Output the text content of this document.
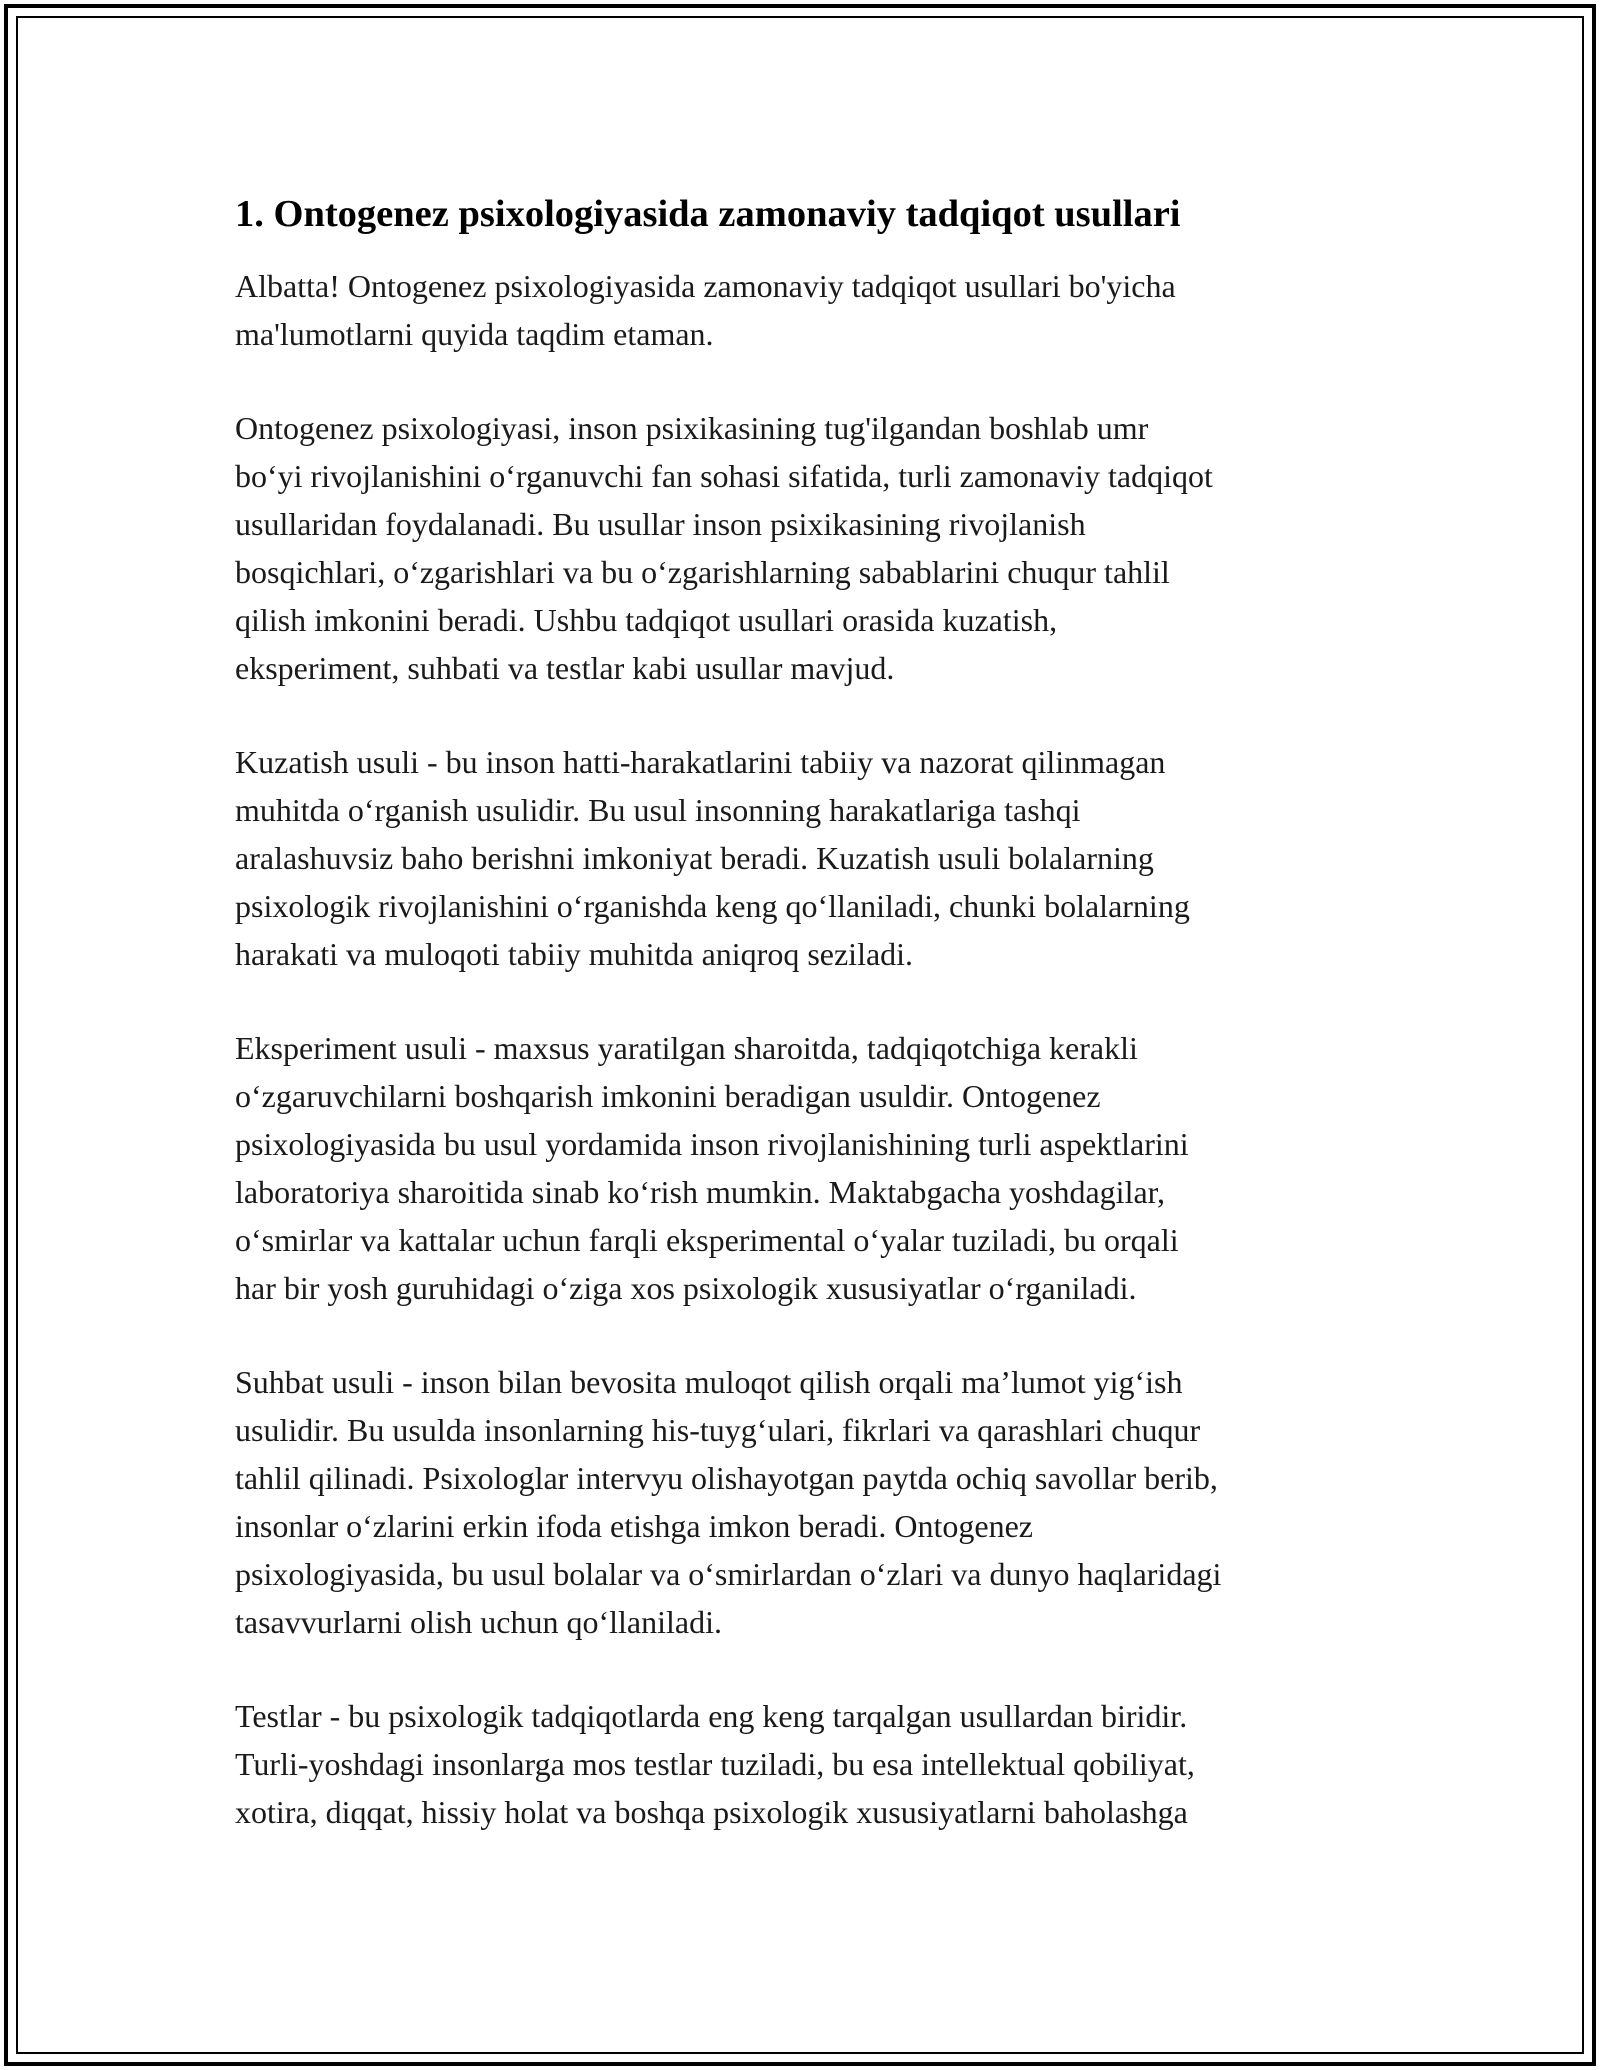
1. Ontogenez psixologiyasida zamonaviy tadqiqot usullari

Albatta! Ontogenez psixologiyasida zamonaviy tadqiqot usullari bo'yicha
ma'lumotlarni quyida taqdim etaman.

Ontogenez psixologiyasi, inson psixikasining tug'ilgandan boshlab umr
bo‘yi rivojlanishini o‘rganuvchi fan sohasi sifatida, turli zamonaviy tadqiqot
usullaridan foydalanadi. Bu usullar inson psixikasining rivojlanish
bosqichlari, o‘zgarishlari va bu o‘zgarishlarning sabablarini chuqur tahlil
qilish imkonini beradi. Ushbu tadqiqot usullari orasida kuzatish,
eksperiment, suhbati va testlar kabi usullar mavjud.

Kuzatish usuli - bu inson hatti-harakatlarini tabiiy va nazorat qilinmagan
muhitda o‘rganish usulidir. Bu usul insonning harakatlariga tashqi
aralashuvsiz baho berishni imkoniyat beradi. Kuzatish usuli bolalarning
psixologik rivojlanishini o‘rganishda keng qo‘llaniladi, chunki bolalarning
harakati va muloqoti tabiiy muhitda aniqroq seziladi.

Eksperiment usuli - maxsus yaratilgan sharoitda, tadqiqotchiga kerakli
o‘zgaruvchilarni boshqarish imkonini beradigan usuldir. Ontogenez
psixologiyasida bu usul yordamida inson rivojlanishining turli aspektlarini
laboratoriya sharoitida sinab ko‘rish mumkin. Maktabgacha yoshdagilar,
o‘smirlar va kattalar uchun farqli eksperimental o‘yalar tuziladi, bu orqali
har bir yosh guruhidagi o‘ziga xos psixologik xususiyatlar o‘rganiladi.

Suhbat usuli - inson bilan bevosita muloqot qilish orqali ma’lumot yig‘ish
usulidir. Bu usulda insonlarning his-tuyg‘ulari, fikrlari va qarashlari chuqur
tahlil qilinadi. Psixologlar intervyu olishayotgan paytda ochiq savollar berib,
insonlar o‘zlarini erkin ifoda etishga imkon beradi. Ontogenez
psixologiyasida, bu usul bolalar va o‘smirlardan o‘zlari va dunyo haqlaridagi
tasavvurlarni olish uchun qo‘llaniladi.

Testlar - bu psixologik tadqiqotlarda eng keng tarqalgan usullardan biridir.
Turli-yoshdagi insonlarga mos testlar tuziladi, bu esa intellektual qobiliyat,
xotira, diqqat, hissiy holat va boshqa psixologik xususiyatlarni baholashga
